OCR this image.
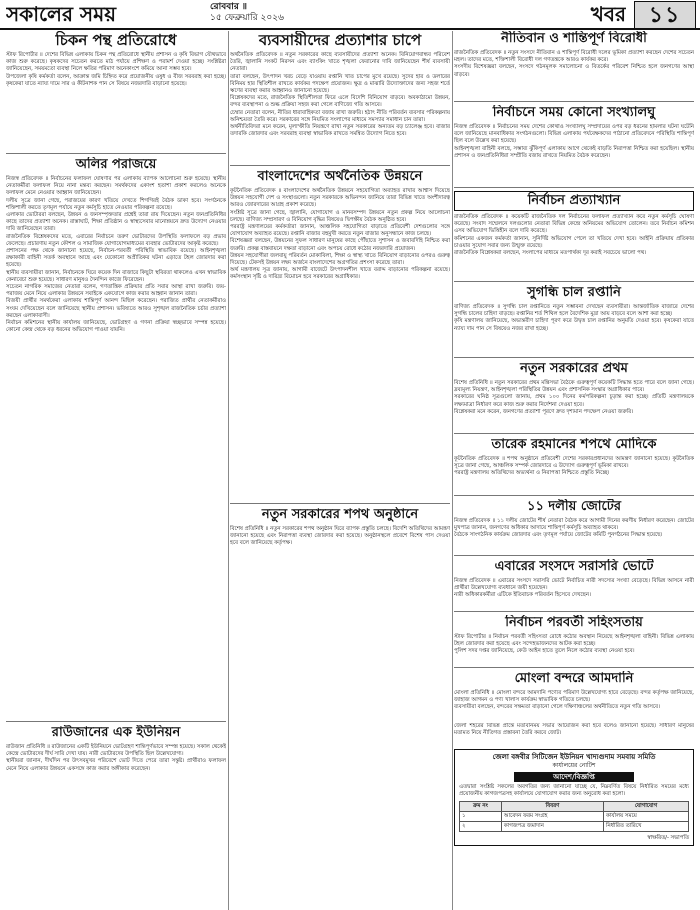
সকালের সময়	রোববার ॥
১৫ ফেব্রুয়ারি ২০২৬	খবর	১১
চিকন পন্থ প্রতিরোধে

স্টাফ রিপোর্টার ॥ দেশের বিভিন্ন এলাকায় চিকন পন্থ প্রতিরোধে স্থানীয় প্রশাসন ও কৃষি বিভাগ যৌথভাবে কাজ শুরু করেছে। কৃষকদের সচেতন করতে মাঠ পর্যায়ে প্রশিক্ষণ ও পরামর্শ দেওয়া হচ্ছে। সংশ্লিষ্টরা জানিয়েছেন, সময়মতো ব্যবস্থা নিলে ক্ষতির পরিমাণ অনেকাংশে কমিয়ে আনা সম্ভব হবে।
উপজেলা কৃষি কর্মকর্তা বলেন, আক্রান্ত জমি চিহ্নিত করে প্রয়োজনীয় ওষুধ ও বীজ সরবরাহ করা হচ্ছে। কৃষকেরা যাতে ন্যায্য দামে সার ও কীটনাশক পান সে বিষয়ে নজরদারি বাড়ানো হয়েছে।

অলির পরাজয়ে

নিজস্ব প্রতিবেদক ॥ নির্বাচনের ফলাফল ঘোষণার পর এলাকায় ব্যাপক আলোচনা শুরু হয়েছে। স্থানীয় নেতাকর্মীরা ফলাফল নিয়ে নানা মন্তব্য করছেন। সমর্থকদের একাংশ হতাশা প্রকাশ করলেও অনেকে ফলাফল মেনে নেওয়ার আহ্বান জানিয়েছেন।
দলীয় সূত্রে জানা গেছে, পরাজয়ের কারণ খতিয়ে দেখতে শিগগিরই বৈঠক ডাকা হবে। সংগঠনকে শক্তিশালী করতে তৃণমূল পর্যায়ে নতুন কর্মসূচি হাতে নেওয়ার পরিকল্পনা রয়েছে।
এলাকার ভোটাররা বলছেন, উন্নয়ন ও জনসম্পৃক্ততার প্রশ্নেই তারা রায় দিয়েছেন। নতুন জনপ্রতিনিধির কাছে তাদের প্রত্যাশা অনেক। রাস্তাঘাট, শিক্ষা প্রতিষ্ঠান ও স্বাস্থ্যসেবার মানোন্নয়নে দ্রুত উদ্যোগ নেওয়ার দাবি জানিয়েছেন তারা।
রাজনৈতিক বিশ্লেষকদের মতে, এবারের নির্বাচনে তরুণ ভোটারদের উপস্থিতি ফলাফলে বড় প্রভাব ফেলেছে। প্রচারণায় নতুন কৌশল ও সামাজিক যোগাযোগমাধ্যমের ব্যবহার ভোটারদের আকৃষ্ট করেছে।
প্রশাসনের পক্ষ থেকে জানানো হয়েছে, নির্বাচন-পরবর্তী পরিস্থিতি স্বাভাবিক রয়েছে। আইনশৃঙ্খলা রক্ষাকারী বাহিনী সতর্ক অবস্থানে আছে এবং যেকোনো অপ্রীতিকর ঘটনা এড়াতে টহল জোরদার করা হয়েছে।
স্থানীয় ব্যবসায়ীরা জানান, নির্বাচনকে ঘিরে কয়েক দিন বাজারে কিছুটা স্থবিরতা থাকলেও এখন স্বাভাবিক কেনাবেচা শুরু হয়েছে। সাধারণ মানুষও দৈনন্দিন কাজে ফিরেছেন।
সচেতন নাগরিক সমাজের নেতারা বলেন, গণতান্ত্রিক প্রক্রিয়ার প্রতি সবার আস্থা রাখা জরুরি। জয়-পরাজয় মেনে নিয়ে এলাকার উন্নয়নে সবাইকে একযোগে কাজ করার আহ্বান জানান তারা।
বিজয়ী প্রার্থীর সমর্থকেরা এলাকায় শান্তিপূর্ণ আনন্দ মিছিল করেছেন। পরাজিত প্রার্থীর নেতাকর্মীরাও সংযম দেখিয়েছেন বলে জানিয়েছে স্থানীয় প্রশাসন। ভবিষ্যতে আরও সুশৃঙ্খল রাজনৈতিক চর্চার প্রত্যাশা করছেন এলাকাবাসী।
নির্বাচন কমিশনের স্থানীয় কার্যালয় জানিয়েছে, ভোটগ্রহণ ও গণনা প্রক্রিয়া স্বচ্ছভাবে সম্পন্ন হয়েছে। কোনো কেন্দ্র থেকে বড় ধরনের অভিযোগ পাওয়া যায়নি।

রাউজানের এক ইউনিয়ন

রাউজান প্রতিনিধি ॥ রাউজানের একটি ইউনিয়নে ভোটগ্রহণ শান্তিপূর্ণভাবে সম্পন্ন হয়েছে। সকাল থেকেই কেন্দ্রে ভোটারদের দীর্ঘ সারি দেখা যায়। নারী ভোটারদের উপস্থিতি ছিল উল্লেখযোগ্য।
স্থানীয়রা জানান, দীর্ঘদিন পর উৎসবমুখর পরিবেশে ভোট দিতে পেরে তারা সন্তুষ্ট। প্রার্থীরাও ফলাফল মেনে নিয়ে এলাকার উন্নয়নে একসঙ্গে কাজ করার অঙ্গীকার করেছেন।

ব্যবসায়ীদের প্রত্যাশার চাপে

অর্থনৈতিক প্রতিবেদক ॥ নতুন সরকারের কাছে ব্যবসায়ীদের প্রত্যাশা অনেক। বিনিয়োগবান্ধব পরিবেশ তৈরি, জ্বালানি সংকট নিরসন এবং ব্যাংকিং খাতে শৃঙ্খলা ফেরানোর দাবি জানিয়েছেন শীর্ষ ব্যবসায়ী নেতারা।
তারা বলছেন, উৎপাদন খরচ বেড়ে যাওয়ায় রপ্তানি খাত চাপের মুখে রয়েছে। সুদের হার ও ডলারের বিনিময় হার স্থিতিশীল রাখতে কার্যকর পদক্ষেপ প্রয়োজন। ক্ষুদ্র ও মাঝারি উদ্যোক্তাদের জন্য সহজ শর্তে ঋণের ব্যবস্থা করার আহ্বানও জানানো হয়েছে।
বিশ্লেষকদের মতে, রাজনৈতিক স্থিতিশীলতা ফিরে এলে বিদেশি বিনিয়োগ বাড়বে। অবকাঠামো উন্নয়ন, বন্দর ব্যবস্থাপনা ও শুল্ক প্রক্রিয়া সহজ করা গেলে বাণিজ্যে গতি আসবে।
চেম্বার নেতারা বলেন, নীতির ধারাবাহিকতা বজায় রাখা জরুরি। হঠাৎ নীতি পরিবর্তন ব্যবসার পরিকল্পনায় অনিশ্চয়তা তৈরি করে। সরকারের সঙ্গে নিয়মিত সংলাপের মাধ্যমে সমস্যার সমাধান চান তারা।
অর্থনীতিবিদরা মনে করেন, মূল্যস্ফীতি নিয়ন্ত্রণে রাখা নতুন সরকারের অন্যতম বড় চ্যালেঞ্জ হবে। বাজার তদারকি জোরদার এবং সরবরাহ ব্যবস্থা স্বাভাবিক রাখতে সমন্বিত উদ্যোগ নিতে হবে।

বাংলাদেশের অর্থনৈতিক উন্নয়নে

কূটনৈতিক প্রতিবেদক ॥ বাংলাদেশের অর্থনৈতিক উন্নয়নে সহযোগিতা অব্যাহত রাখার আশ্বাস দিয়েছে উন্নয়ন সহযোগী দেশ ও সংস্থাগুলো। নতুন সরকারকে অভিনন্দন জানিয়ে তারা বিভিন্ন খাতে অংশীদারত্ব আরও জোরদারের আগ্রহ প্রকাশ করেছে।
সংশ্লিষ্ট সূত্রে জানা গেছে, জ্বালানি, যোগাযোগ ও মানবসম্পদ উন্নয়নে নতুন প্রকল্প নিয়ে আলোচনা চলছে। বাণিজ্য সম্প্রসারণ ও বিনিয়োগ বৃদ্ধির বিষয়েও দ্বিপক্ষীয় বৈঠক অনুষ্ঠিত হবে।
পররাষ্ট্র মন্ত্রণালয়ের কর্মকর্তারা জানান, আঞ্চলিক সহযোগিতা বাড়াতে প্রতিবেশী দেশগুলোর সঙ্গে যোগাযোগ অব্যাহত রয়েছে। রপ্তানি বাজার বহুমুখী করতে নতুন বাজার অনুসন্ধানে কাজ চলছে।
বিশেষজ্ঞরা বলছেন, উন্নয়নের সুফল সাধারণ মানুষের কাছে পৌঁছাতে সুশাসন ও জবাবদিহি নিশ্চিত করা জরুরি। প্রকল্প বাস্তবায়নে দক্ষতা বাড়ানো এবং অপচয় রোধে কঠোর নজরদারি প্রয়োজন।
উন্নয়ন সহযোগীরা জলবায়ু পরিবর্তন মোকাবিলা, শিক্ষা ও স্বাস্থ্য খাতে বিনিয়োগ বাড়ানোর ওপরও গুরুত্ব দিয়েছে। টেকসই উন্নয়ন লক্ষ্য অর্জনে বাংলাদেশের অগ্রগতির প্রশংসা করেছে তারা।
অর্থ মন্ত্রণালয় সূত্র জানায়, আগামী বাজেটে উৎপাদনশীল খাতে বরাদ্দ বাড়ানোর পরিকল্পনা রয়েছে। কর্মসংস্থান সৃষ্টি ও দারিদ্র্য বিমোচন হবে সরকারের অগ্রাধিকার।

নতুন সরকারের শপথ অনুষ্ঠানে

বিশেষ প্রতিনিধি ॥ নতুন সরকারের শপথ অনুষ্ঠান ঘিরে ব্যাপক প্রস্তুতি চলছে। বিদেশি অতিথিদের আমন্ত্রণ জানানো হয়েছে এবং নিরাপত্তা ব্যবস্থা জোরদার করা হয়েছে। অনুষ্ঠানস্থলে প্রবেশে বিশেষ পাস দেওয়া হবে বলে জানিয়েছে কর্তৃপক্ষ।

নীতিবান ও শান্তিপূর্ণ বিরোধী

রাজনৈতিক প্রতিবেদক ॥ নতুন সংসদে নীতিবান ও শান্তিপূর্ণ বিরোধী দলের ভূমিকা প্রত্যাশা করছেন দেশের সচেতন মহল। তাদের মতে, শক্তিশালী বিরোধী দল গণতন্ত্রকে আরও কার্যকর করে।
সংসদীয় বিশেষজ্ঞরা বলছেন, সংসদে গঠনমূলক সমালোচনা ও বিতর্কের পরিবেশ নিশ্চিত হলে জনগণের আস্থা বাড়বে।

নির্বাচনে সময় কোনো সংখ্যালঘু

নিজস্ব প্রতিবেদক ॥ নির্বাচনের সময় দেশের কোথাও সংখ্যালঘু সম্প্রদায়ের ওপর বড় ধরনের হামলার ঘটনা ঘটেনি বলে জানিয়েছে মানবাধিকার সংগঠনগুলো। বিভিন্ন এলাকায় পর্যবেক্ষকদের পাঠানো প্রতিবেদনে পরিস্থিতি শান্তিপূর্ণ ছিল বলে উল্লেখ করা হয়েছে।
আইনশৃঙ্খলা বাহিনী বলছে, সম্ভাব্য ঝুঁকিপূর্ণ এলাকায় আগে থেকেই বাড়তি নিরাপত্তা নিশ্চিত করা হয়েছিল। স্থানীয় প্রশাসন ও জনপ্রতিনিধিরা সম্প্রীতি বজায় রাখতে নিয়মিত বৈঠক করেছেন।

নির্বাচন প্রত্যাখ্যান

রাজনৈতিক প্রতিবেদক ॥ কয়েকটি রাজনৈতিক দল নির্বাচনের ফলাফল প্রত্যাখ্যান করে নতুন কর্মসূচি ঘোষণা করেছে। সংবাদ সম্মেলনে দলগুলোর নেতারা বিভিন্ন কেন্দ্রে অনিয়মের অভিযোগ তোলেন। তবে নির্বাচন কমিশন এসব অভিযোগ ভিত্তিহীন বলে দাবি করেছে।
কমিশনের একজন কর্মকর্তা জানান, সুনির্দিষ্ট অভিযোগ পেলে তা খতিয়ে দেখা হবে। আইনি প্রক্রিয়ায় প্রতিকার চাওয়ার সুযোগ সবার জন্য উন্মুক্ত রয়েছে।
রাজনৈতিক বিশ্লেষকরা বলছেন, সংলাপের মাধ্যমে মতপার্থক্য দূর করাই সবচেয়ে ভালো পথ।

সুগন্ধি চাল রপ্তানি

বাণিজ্য প্রতিবেদক ॥ সুগন্ধি চাল রপ্তানিতে নতুন সম্ভাবনা দেখছেন ব্যবসায়ীরা। আন্তর্জাতিক বাজারে দেশের সুগন্ধি চালের চাহিদা বাড়ছে। রপ্তানির শর্ত শিথিল হলে বৈদেশিক মুদ্রা আয় বাড়বে বলে আশা করা হচ্ছে।
কৃষি মন্ত্রণালয় জানিয়েছে, অভ্যন্তরীণ চাহিদা পূরণ করে উদ্বৃত্ত চাল রপ্তানির অনুমতি দেওয়া হবে। কৃষকেরা যাতে ন্যায্য দাম পান সে বিষয়েও নজর রাখা হচ্ছে।

নতুন সরকারের প্রথম

বিশেষ প্রতিনিধি ॥ নতুন সরকারের প্রথম মন্ত্রিসভা বৈঠকে গুরুত্বপূর্ণ কয়েকটি সিদ্ধান্ত হতে পারে বলে জানা গেছে। দ্রব্যমূল্য নিয়ন্ত্রণ, আইনশৃঙ্খলা পরিস্থিতির উন্নয়ন এবং প্রশাসনিক সংস্কার অগ্রাধিকার পাবে।
সরকারের ঘনিষ্ঠ সূত্রগুলো জানায়, প্রথম ১০০ দিনের কর্মপরিকল্পনা চূড়ান্ত করা হচ্ছে। প্রতিটি মন্ত্রণালয়কে লক্ষ্যমাত্রা নির্ধারণ করে কাজ শুরু করার নির্দেশনা দেওয়া হবে।
বিশ্লেষকরা মনে করেন, জনগণের প্রত্যাশা পূরণে দ্রুত দৃশ্যমান পদক্ষেপ নেওয়া জরুরি।

তারেক রহমানের শপথে মোদিকে

কূটনৈতিক প্রতিবেদক ॥ শপথ অনুষ্ঠানে প্রতিবেশী দেশের সরকারপ্রধানদের আমন্ত্রণ জানানো হয়েছে। কূটনৈতিক সূত্রে জানা গেছে, আঞ্চলিক সম্পর্ক জোরদারে এ উদ্যোগ গুরুত্বপূর্ণ ভূমিকা রাখবে।
পররাষ্ট্র মন্ত্রণালয় অতিথিদের অভ্যর্থনা ও নিরাপত্তা নিশ্চিতে প্রস্তুতি নিচ্ছে।

১১ দলীয় জোটের

নিজস্ব প্রতিবেদক ॥ ১১ দলীয় জোটের শীর্ষ নেতারা বৈঠক করে আগামী দিনের করণীয় নির্ধারণ করেছেন। জোটের মুখপাত্র জানান, জনগণের অধিকার আদায়ে শান্তিপূর্ণ কর্মসূচি অব্যাহত থাকবে।
বৈঠকে সাংগঠনিক কার্যক্রম জোরদার এবং তৃণমূল পর্যায়ে জোটের কমিটি পুনর্গঠনের সিদ্ধান্ত হয়েছে।

এবারের সংসদে সরাসরি ভোটে

নিজস্ব প্রতিবেদক ॥ এবারের সংসদে সরাসরি ভোটে নির্বাচিত নারী সদস্যের সংখ্যা বেড়েছে। বিভিন্ন আসনে নারী প্রার্থীরা উল্লেখযোগ্য ব্যবধানে জয়ী হয়েছেন।
নারী অধিকারকর্মীরা এটিকে ইতিবাচক পরিবর্তন হিসেবে দেখছেন।

নির্বাচন পরবর্তী সহিংসতায়

স্টাফ রিপোর্টার ॥ নির্বাচন পরবর্তী সহিংসতা রোধে কঠোর অবস্থান নিয়েছে আইনশৃঙ্খলা বাহিনী। বিভিন্ন এলাকায় টহল জোরদার করা হয়েছে এবং সন্দেহভাজনদের আটক করা হচ্ছে।
পুলিশ সদর দপ্তর জানিয়েছে, কেউ আইন হাতে তুলে নিলে কঠোর ব্যবস্থা নেওয়া হবে।

মোংলা বন্দরে আমদানি

মোংলা প্রতিনিধি ॥ মোংলা বন্দরে আমদানি পণ্যের পরিমাণ উল্লেখযোগ্য হারে বেড়েছে। বন্দর কর্তৃপক্ষ জানিয়েছে, জাহাজ আগমন ও পণ্য খালাস কার্যক্রম স্বাভাবিক গতিতে চলছে।
ব্যবসায়ীরা বলছেন, বন্দরের সক্ষমতা বাড়ানো গেলে দক্ষিণাঞ্চলের অর্থনীতিতে নতুন গতি আসবে।

জেলা শহরের বিভিন্ন প্রান্তে মতবিনিময় সভার আয়োজন করা হবে বলেও জানানো হয়েছে। সাধারণ মানুষের মতামত নিয়ে নীতিগত প্রস্তাবনা তৈরি করবে জোট।

জেলা বঙ্গবীর সিটিজেন ইউনিয়ন খাদ্যগুদাম সমবায় সমিতি
কার্যালয়ের নোটিশ
আদেশ/বিজ্ঞপ্তি

এতদ্বারা সংশ্লিষ্ট সকলের অবগতির জন্য জানানো যাচ্ছে যে, নিম্নবর্ণিত বিষয়ে নির্ধারিত সময়ের মধ্যে প্রয়োজনীয় কাগজপত্রসহ কার্যালয়ে যোগাযোগ করার জন্য অনুরোধ করা হলো।

ক্রম নং	বিবরণ	যোগাযোগ
১	আবেদন ফরম সংগ্রহ	কার্যালয় সময়ে
২	কাগজপত্র জমাদান	নির্ধারিত তারিখে
স্বাক্ষরিত/- সভাপতি
